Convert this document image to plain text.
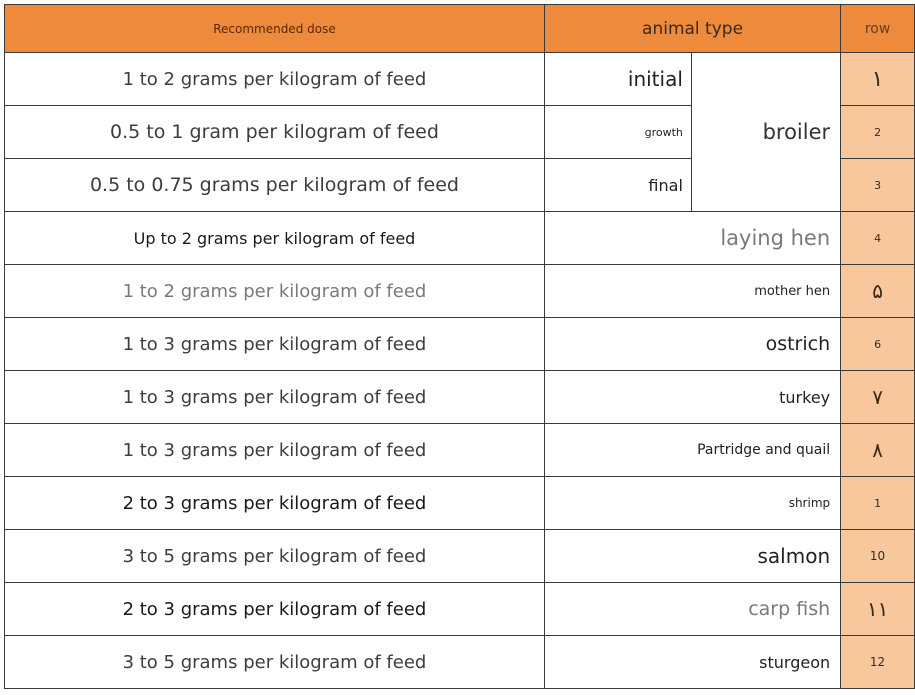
Recommended dose	animal type		row
1 to 2 grams per kilogram of feed	initial	broiler	١
0.5 to 1 gram per kilogram of feed	growth		2
0.5 to 0.75 grams per kilogram of feed	final		3
Up to 2 grams per kilogram of feed	laying hen		4
1 to 2 grams per kilogram of feed	mother hen		۵
1 to 3 grams per kilogram of feed	ostrich		6
1 to 3 grams per kilogram of feed	turkey		٧
1 to 3 grams per kilogram of feed	Partridge and quail		٨
2 to 3 grams per kilogram of feed	shrimp		1
3 to 5 grams per kilogram of feed	salmon		10
2 to 3 grams per kilogram of feed	carp fish		١١
3 to 5 grams per kilogram of feed	sturgeon		12
